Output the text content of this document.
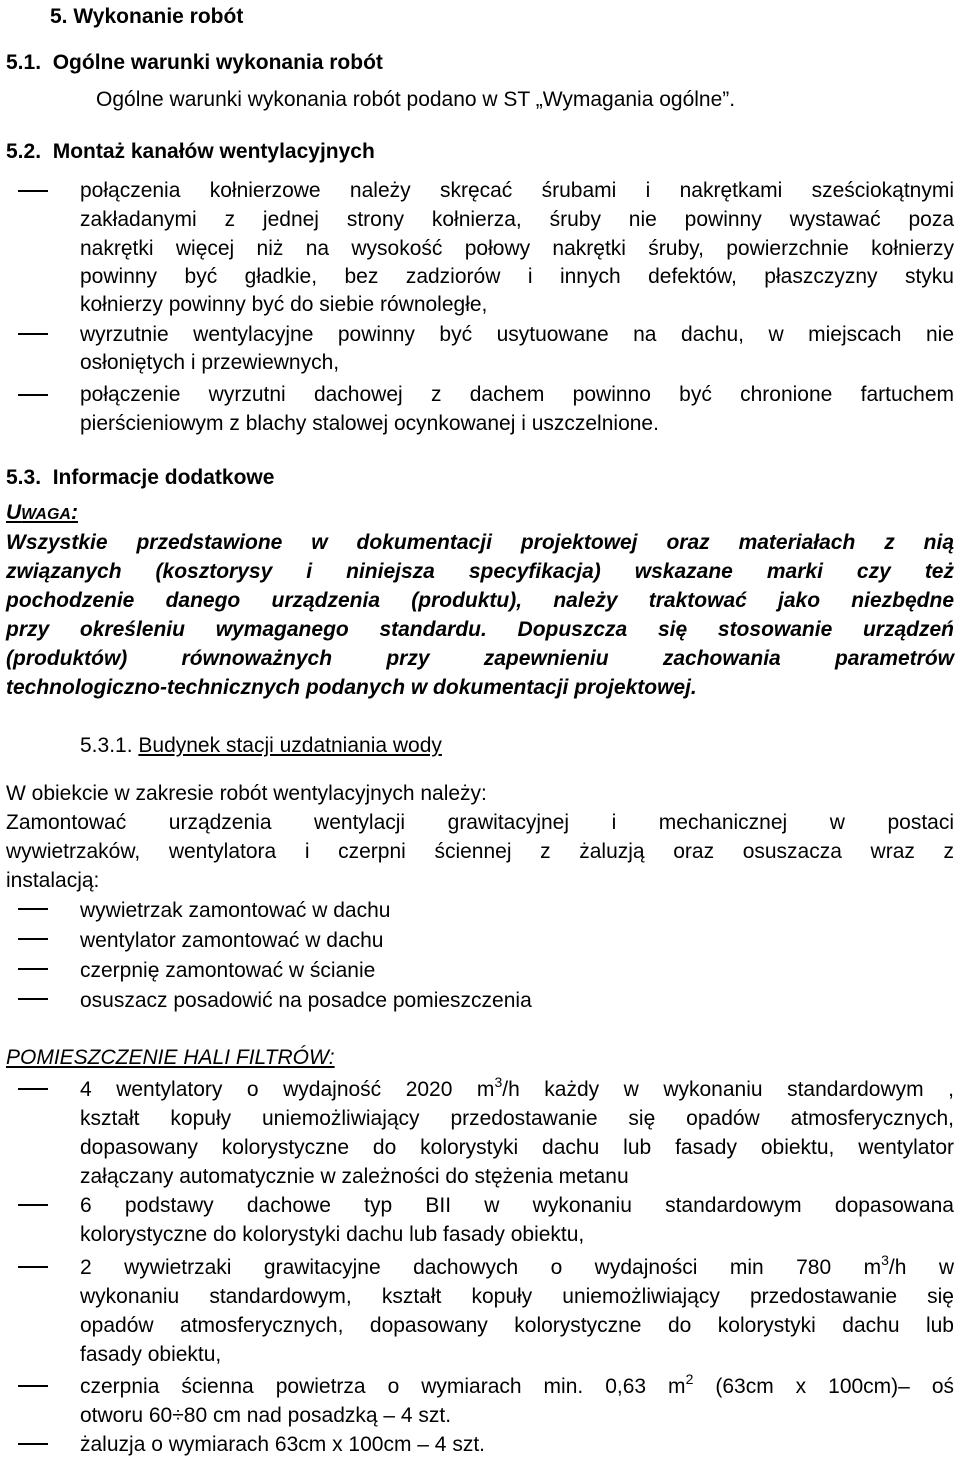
5. Wykonanie robót
5.1. Ogólne warunki wykonania robót
Ogólne warunki wykonania robót podano w ST „Wymagania ogólne”.
5.2. Montaż kanałów wentylacyjnych
połączenia kołnierzowe należy skręcać śrubami i nakrętkami sześciokątnymi
zakładanymi z jednej strony kołnierza, śruby nie powinny wystawać poza
nakrętki więcej niż na wysokość połowy nakrętki śruby, powierzchnie kołnierzy
powinny być gładkie, bez zadziorów i innych defektów, płaszczyzny styku
kołnierzy powinny być do siebie równoległe,
wyrzutnie wentylacyjne powinny być usytuowane na dachu, w miejscach nie
osłoniętych i przewiewnych,
połączenie wyrzutni dachowej z dachem powinno być chronione fartuchem
pierścieniowym z blachy stalowej ocynkowanej i uszczelnione.
5.3. Informacje dodatkowe
UWAGA:
Wszystkie przedstawione w dokumentacji projektowej oraz materiałach z nią
związanych (kosztorysy i niniejsza specyfikacja) wskazane marki czy też
pochodzenie danego urządzenia (produktu), należy traktować jako niezbędne
przy określeniu wymaganego standardu. Dopuszcza się stosowanie urządzeń
(produktów) równoważnych przy zapewnieniu zachowania parametrów
technologiczno-technicznych podanych w dokumentacji projektowej.
5.3.1. Budynek stacji uzdatniania wody
W obiekcie w zakresie robót wentylacyjnych należy:
Zamontować urządzenia wentylacji grawitacyjnej i mechanicznej w postaci
wywietrzaków, wentylatora i czerpni ściennej z żaluzją oraz osuszacza wraz z
instalacją:
wywietrzak zamontować w dachu
wentylator zamontować w dachu
czerpnię zamontować w ścianie
osuszacz posadowić na posadce pomieszczenia
POMIESZCZENIE HALI FILTRÓW:
4 wentylatory o wydajność 2020 $m^3/h$ każdy w wykonaniu standardowym ,
kształt kopuły uniemożliwiający przedostawanie się opadów atmosferycznych,
dopasowany kolorystyczne do kolorystyki dachu lub fasady obiektu, wentylator
załączany automatycznie w zależności do stężenia metanu
6 podstawy dachowe typ BII w wykonaniu standardowym dopasowana
kolorystyczne do kolorystyki dachu lub fasady obiektu,
2 wywietrzaki grawitacyjne dachowych o wydajności min 780 $m^3/h$ w
wykonaniu standardowym, kształt kopuły uniemożliwiający przedostawanie się
opadów atmosferycznych, dopasowany kolorystyczne do kolorystyki dachu lub
fasady obiektu,
czerpnia ścienna powietrza o wymiarach min. 0,63 $m^2$ (63cm x 100cm)– oś
otworu 60÷80 cm nad posadzką – 4 szt.
żaluzja o wymiarach 63cm x 100cm – 4 szt.
